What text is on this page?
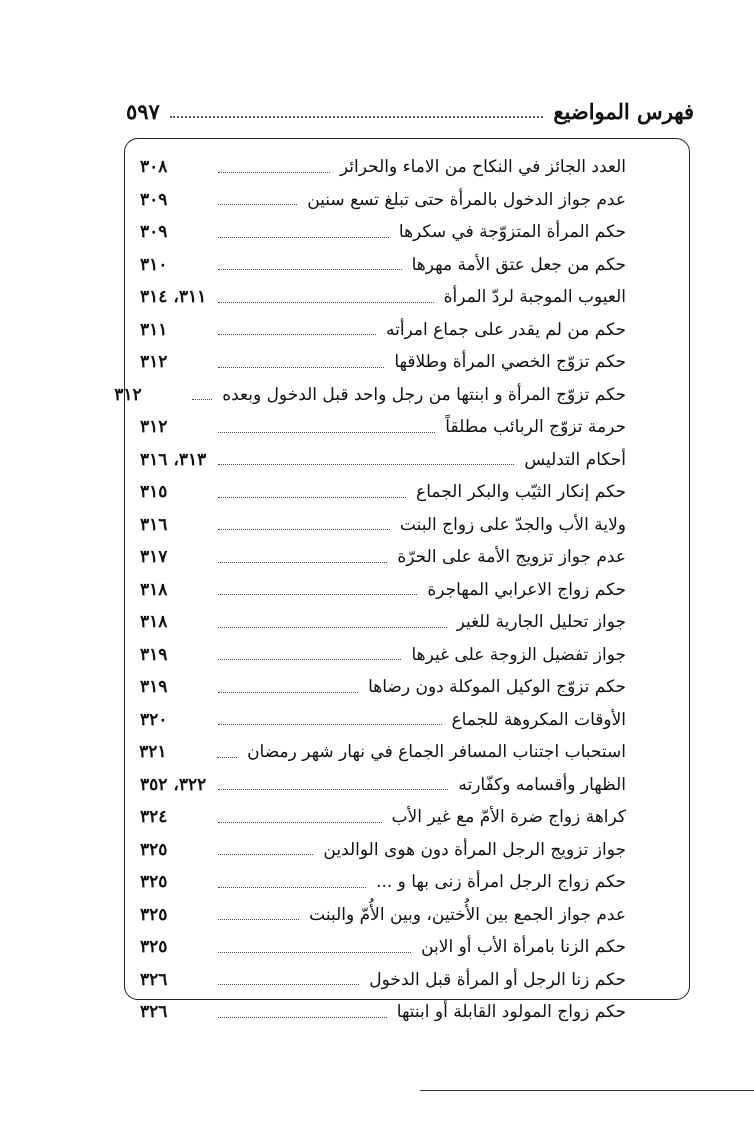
فهرس المواضيع
٥٩٧
العدد الجائز في النكاح من الاماء والحرائر
٣٠٨
عدم جواز الدخول بالمرأة حتى تبلغ تسع سنين
٣٠٩
حكم المرأة المتزوّجة في سكرها
٣٠٩
حكم من جعل عتق الأمة مهرها
٣١٠
العيوب الموجبة لردّ المرأة
٣١١، ٣١٤
حكم من لم يقدر على جماع امرأته
٣١١
حكم تزوّج الخصي المرأة وطلاقها
٣١٢
حكم تزوّج المرأة و ابنتها من رجل واحد قبل الدخول وبعده
٣١٢
حرمة تزوّج الربائب مطلقاً
٣١٢
أحكام التدليس
٣١٣، ٣١٦
حكم إنكار الثيّب والبكر الجماع
٣١٥
ولاية الأب والجدّ على زواج البنت
٣١٦
عدم جواز تزويج الأمة على الحرّة
٣١٧
حكم زواج الاعرابي المهاجرة
٣١٨
جواز تحليل الجارية للغير
٣١٨
جواز تفضيل الزوجة على غيرها
٣١٩
حكم تزوّج الوكيل الموكلة دون رضاها
٣١٩
الأوقات المكروهة للجماع
٣٢٠
استحباب اجتناب المسافر الجماع في نهار شهر رمضان
٣٢١
الظهار وأقسامه وكفّارته
٣٢٢، ٣٥٢
كراهة زواج ضرة الأمّ مع غير الأب
٣٢٤
جواز تزويج الرجل المرأة دون هوى الوالدين
٣٢٥
حكم زواج الرجل امرأة زنى بها و ...
٣٢٥
عدم جواز الجمع بين الأُختين، وبين الأُمّ والبنت
٣٢٥
حكم الزنا بامرأة الأب أو الابن
٣٢٥
حكم زنا الرجل أو المرأة قبل الدخول
٣٢٦
حكم زواج المولود القابلة أو ابنتها
٣٢٦
